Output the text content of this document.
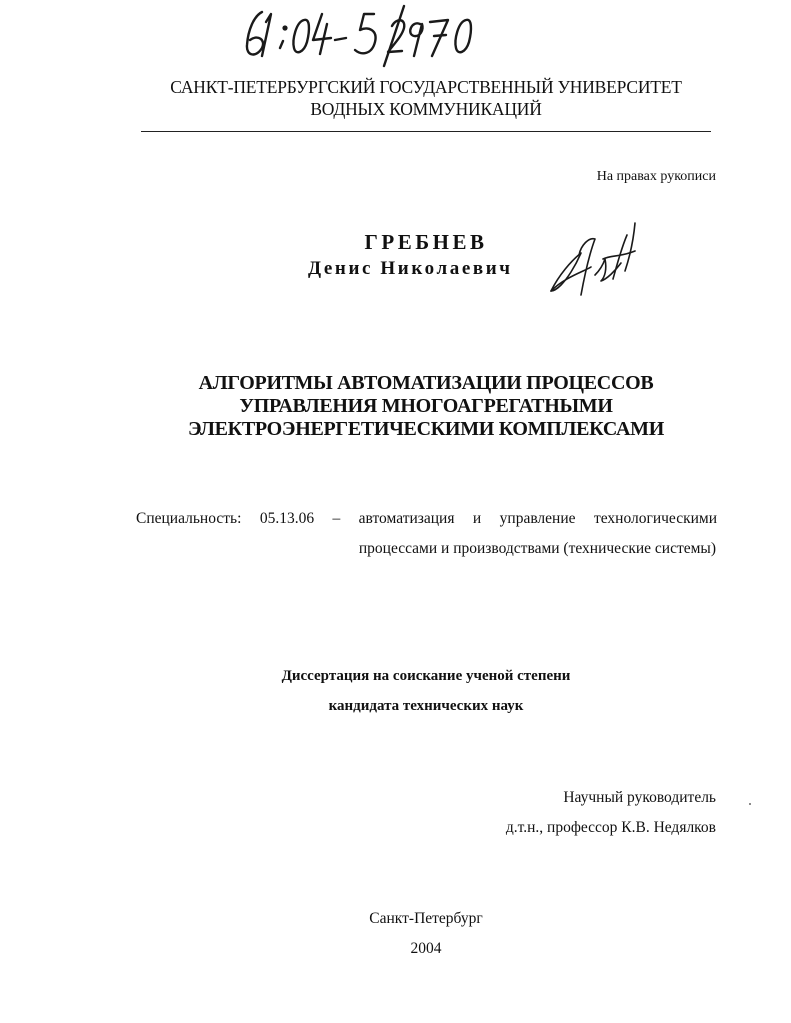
САНКТ-ПЕТЕРБУРГСКИЙ ГОСУДАРСТВЕННЫЙ УНИВЕРСИТЕТ
ВОДНЫХ КОММУНИКАЦИЙ
На правах рукописи
ГРЕБНЕВ
Денис Николаевич
АЛГОРИТМЫ АВТОМАТИЗАЦИИ ПРОЦЕССОВ
УПРАВЛЕНИЯ МНОГОАГРЕГАТНЫМИ
ЭЛЕКТРОЭНЕРГЕТИЧЕСКИМИ КОМПЛЕКСАМИ
Специальность: 05.13.06 – автоматизация и управление технологическими
процессами и производствами (технические системы)
Диссертация на соискание ученой степени
кандидата технических наук
Научный руководитель
д.т.н., профессор К.В. Недялков
Санкт-Петербург
2004
